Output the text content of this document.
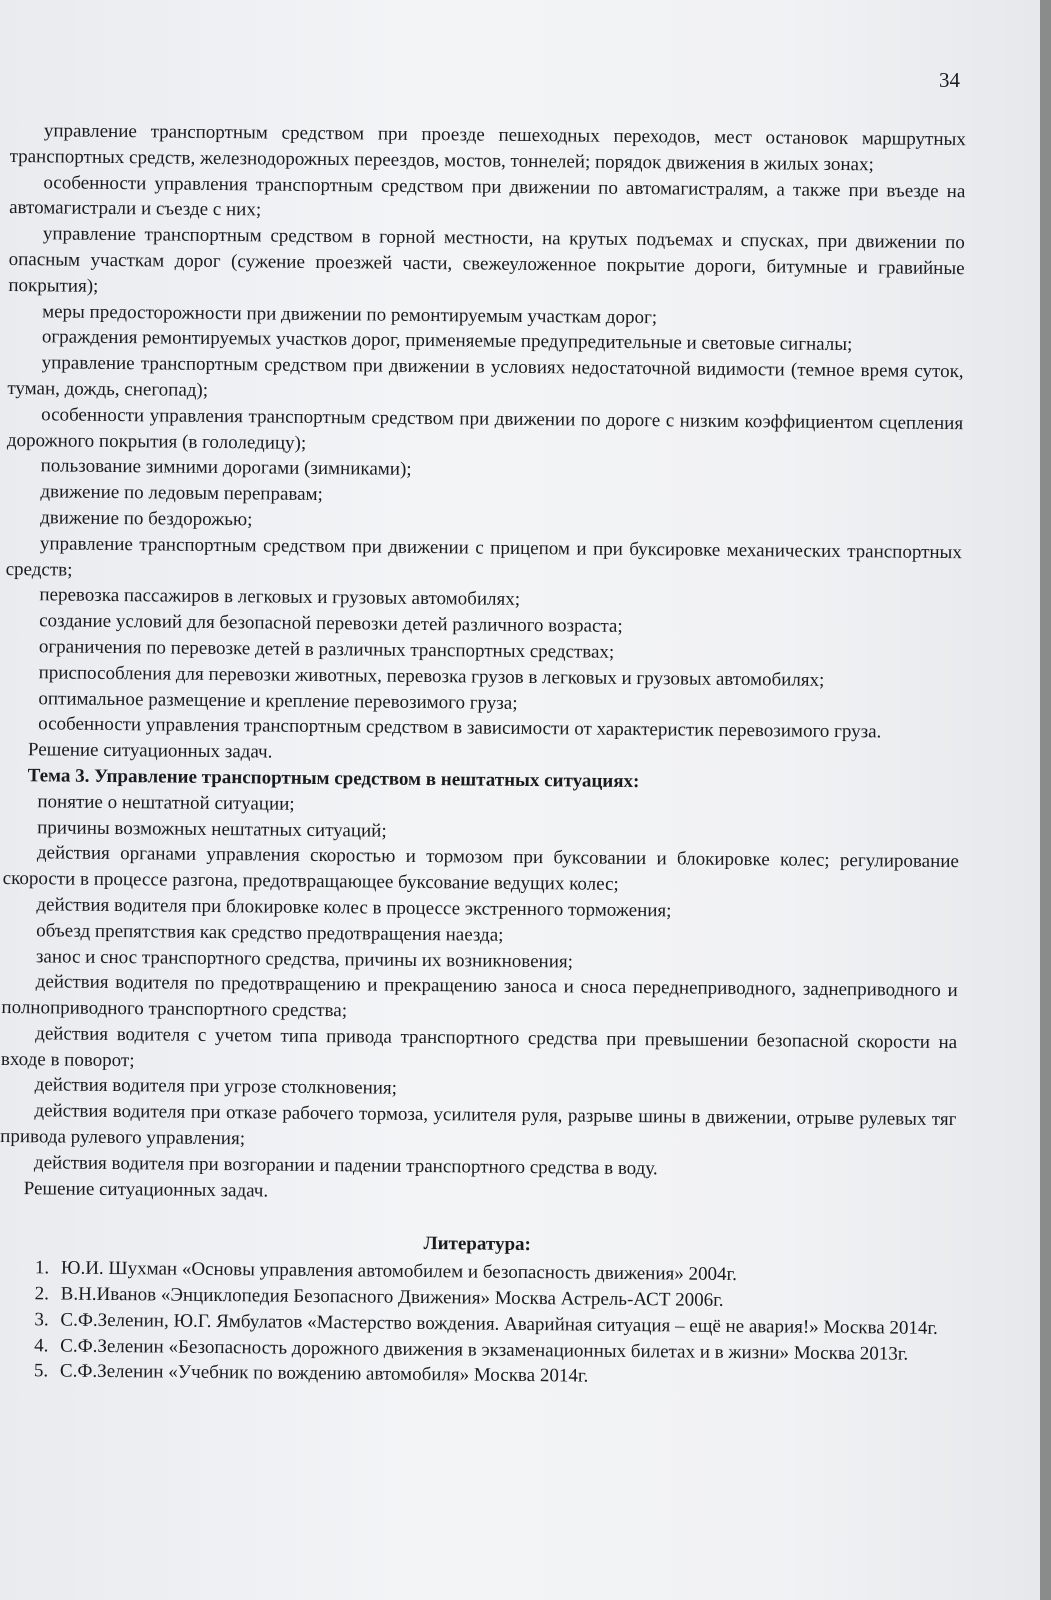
34

управление транспортным средством при проезде пешеходных переходов, мест остановок маршрутных транспортных средств, железнодорожных переездов, мостов, тоннелей; порядок движения в жилых зонах;

особенности управления транспортным средством при движении по автомагистралям, а также при въезде на автомагистрали и съезде с них;

управление транспортным средством в горной местности, на крутых подъемах и спусках, при движении по опасным участкам дорог (сужение проезжей части, свежеуложенное покрытие дороги, битумные и гравийные покрытия);

меры предосторожности при движении по ремонтируемым участкам дорог;

ограждения ремонтируемых участков дорог, применяемые предупредительные и световые сигналы;

управление транспортным средством при движении в условиях недостаточной видимости (темное время суток, туман, дождь, снегопад);

особенности управления транспортным средством при движении по дороге с низким коэффициентом сцепления дорожного покрытия (в гололедицу);

пользование зимними дорогами (зимниками);

движение по ледовым переправам;

движение по бездорожью;

управление транспортным средством при движении с прицепом и при буксировке механических транспортных средств;

перевозка пассажиров в легковых и грузовых автомобилях;

создание условий для безопасной перевозки детей различного возраста;

ограничения по перевозке детей в различных транспортных средствах;

приспособления для перевозки животных, перевозка грузов в легковых и грузовых автомобилях;

оптимальное размещение и крепление перевозимого груза;

особенности управления транспортным средством в зависимости от характеристик перевозимого груза.

Решение ситуационных задач.

Тема 3. Управление транспортным средством в нештатных ситуациях:

понятие о нештатной ситуации;

причины возможных нештатных ситуаций;

действия органами управления скоростью и тормозом при буксовании и блокировке колес; регулирование скорости в процессе разгона, предотвращающее буксование ведущих колес;

действия водителя при блокировке колес в процессе экстренного торможения;

объезд препятствия как средство предотвращения наезда;

занос и снос транспортного средства, причины их возникновения;

действия водителя по предотвращению и прекращению заноса и сноса переднеприводного, заднеприводного и полноприводного транспортного средства;

действия водителя с учетом типа привода транспортного средства при превышении безопасной скорости на входе в поворот;

действия водителя при угрозе столкновения;

действия водителя при отказе рабочего тормоза, усилителя руля, разрыве шины в движении, отрыве рулевых тяг привода рулевого управления;

действия водителя при возгорании и падении транспортного средства в воду.

Решение ситуационных задач.

Литература:

1. Ю.И. Шухман «Основы управления автомобилем и безопасность движения» 2004г.
2. В.Н.Иванов «Энциклопедия Безопасного Движения» Москва Астрель-АСТ 2006г.
3. С.Ф.Зеленин, Ю.Г. Ямбулатов «Мастерство вождения. Аварийная ситуация – ещё не авария!» Москва 2014г.
4. С.Ф.Зеленин «Безопасность дорожного движения в экзаменационных билетах и в жизни» Москва 2013г.
5. С.Ф.Зеленин «Учебник по вождению автомобиля» Москва 2014г.
